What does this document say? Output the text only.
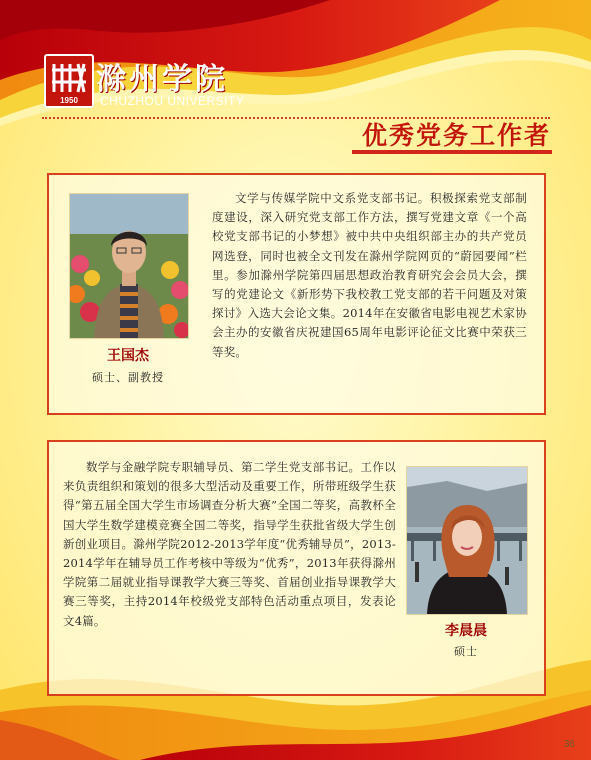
1950
滁州学院
CHUZHOU UNIVERSITY
优秀党务工作者
王国杰
硕士、副教授

文学与传媒学院中文系党支部书记。积极探索党支部制度建设，深入研究党支部工作方法，撰写党建文章《一个高校党支部书记的小梦想》被中共中央组织部主办的共产党员网选登，同时也被全文刊发在滁州学院网页的“蔚园要闻”栏里。参加滁州学院第四届思想政治教育研究会会员大会，撰写的党建论文《新形势下我校教工党支部的若干问题及对策探讨》入选大会论文集。2014年在安徽省电影电视艺术家协会主办的安徽省庆祝建国65周年电影评论征文比赛中荣获三等奖。

数学与金融学院专职辅导员、第二学生党支部书记。工作以来负责组织和策划的很多大型活动及重要工作，所带班级学生获得“第五届全国大学生市场调查分析大赛”全国二等奖，高教杯全国大学生数学建模竞赛全国二等奖，指导学生获批省级大学生创新创业项目。滁州学院2012-2013学年度“优秀辅导员”，2013-2014学年在辅导员工作考核中等级为“优秀”，2013年获得滁州学院第二届就业指导课教学大赛三等奖、首届创业指导课教学大赛三等奖，主持2014年校级党支部特色活动重点项目，发表论文4篇。

李晨晨
硕士
36
